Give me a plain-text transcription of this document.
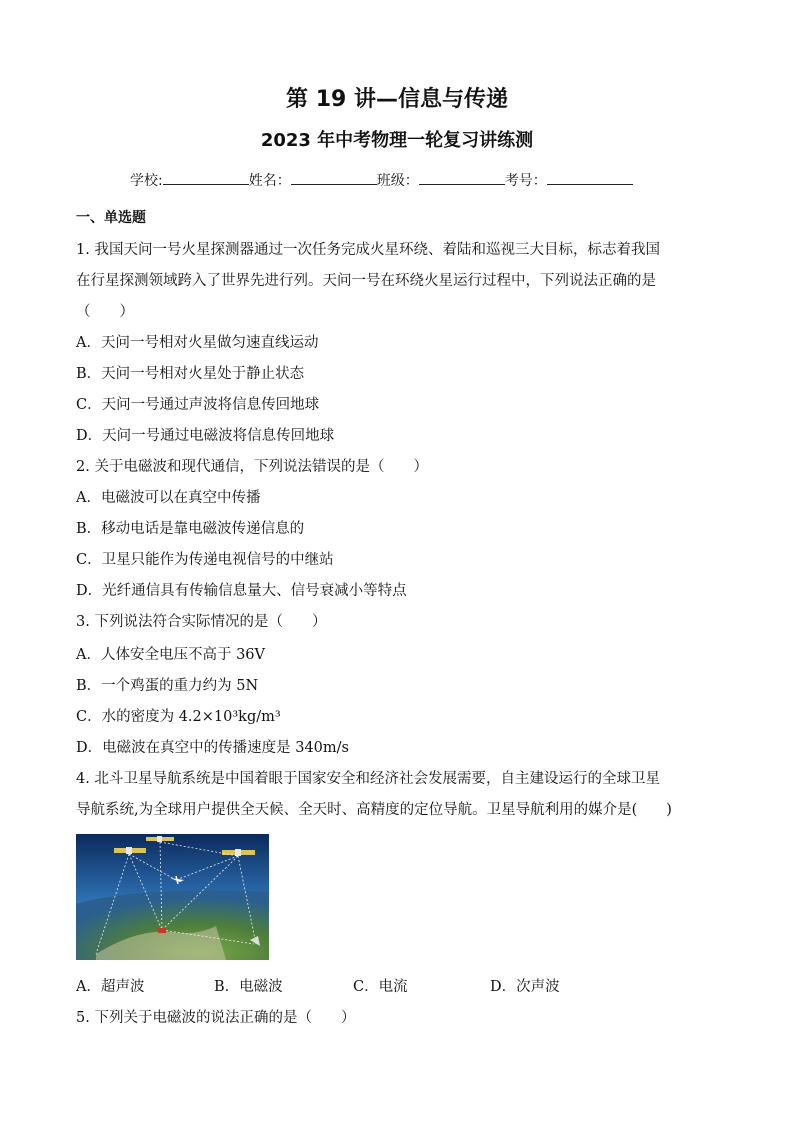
第 19 讲—信息与传递
2023 年中考物理一轮复习讲练测
学校:	姓名：	班级：	考号：
一、单选题
1. 我国天问一号火星探测器通过一次任务完成火星环绕、着陆和巡视三大目标，标志着我国
在行星探测领域跨入了世界先进行列。天问一号在环绕火星运行过程中，下列说法正确的是
（　　）
A．天问一号相对火星做匀速直线运动
B．天问一号相对火星处于静止状态
C．天问一号通过声波将信息传回地球
D．天问一号通过电磁波将信息传回地球
2. 关于电磁波和现代通信，下列说法错误的是（　　）
A．电磁波可以在真空中传播
B．移动电话是靠电磁波传递信息的
C．卫星只能作为传递电视信号的中继站
D．光纤通信具有传输信息量大、信号衰减小等特点
3. 下列说法符合实际情况的是（　　）
A．人体安全电压不高于 36V
B．一个鸡蛋的重力约为 5N
C．水的密度为 4.2×10³kg/m³
D．电磁波在真空中的传播速度是 340m/s
4. 北斗卫星导航系统是中国着眼于国家安全和经济社会发展需要，自主建设运行的全球卫星
导航系统,为全球用户提供全天候、全天时、高精度的定位导航。卫星导航利用的媒介是(　　)
A．超声波	B．电磁波	C．电流	D．次声波
5. 下列关于电磁波的说法正确的是（　　）
